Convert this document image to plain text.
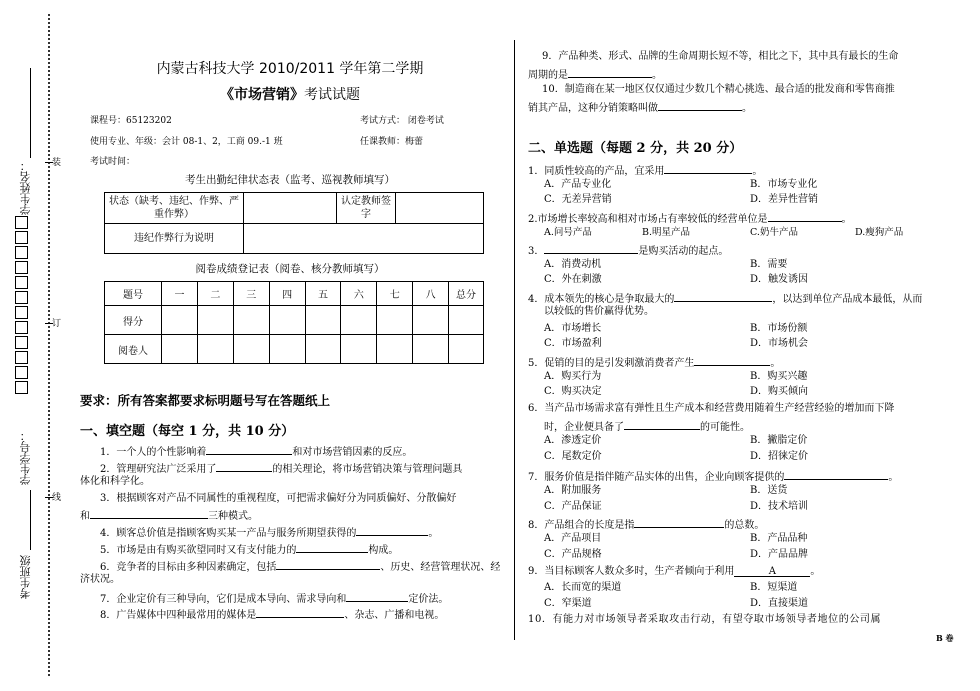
考生班级
学生学号：
学生姓名： 装
订
线
内蒙古科技大学 2010/2011 学年第二学期
《市场营销》考试试题
课程号：65123202	考试方式： 闭卷考试
使用专业、年级：会计 08-1、2，工商 09.-1 班	任课教师：梅蕾
考试时间：
考生出勤纪律状态表（监考、巡视教师填写）
状态（缺考、违纪、作弊、严重作弊）		认定教师签字	
违纪作弊行为说明			
阅卷成绩登记表（阅卷、核分教师填写）
题号	一	二	三	四	五	六	七	八	总分
得分									
阅卷人									
要求：所有答案都要求标明题号写在答题纸上
一、填空题（每空 1 分，共 10 分）
1．一个人的个性影响着	和对市场营销因素的反应。
2．管理研究法广泛采用了	的相关理论，将市场营销决策与管理问题具
体化和科学化。
3．根据顾客对产品不同属性的重视程度，可把需求偏好分为同质偏好、分散偏好
和	三种模式。
4．顾客总价值是指顾客购买某一产品与服务所期望获得的	。
5．市场是由有购买欲望同时又有支付能力的	构成。
6．竞争者的目标由多种因素确定，包括	、历史、经营管理状况、经
济状况。
7．企业定价有三种导向，它们是成本导向、需求导向和	定价法。
8．广告媒体中四种最常用的媒体是	、杂志、广播和电视。
9．产品种类、形式、品牌的生命周期长短不等，相比之下，其中具有最长的生命
周期的是	。
10．制造商在某一地区仅仅通过少数几个精心挑选、最合适的批发商和零售商推
销其产品，这种分销策略叫做	。
二、单选题（每题 2 分，共 20 分）
1．同质性较高的产品，宜采用	。
A．产品专业化	B．市场专业化
C．无差异营销	D．差异性营销
2.市场增长率较高和相对市场占有率较低的经营单位是	。
A.问号产品	B.明星产品	C.奶牛产品	D.瘦狗产品
3．	是购买活动的起点。
A．消费动机	B．需要
C．外在刺激	D．触发诱因
4．成本领先的核心是争取最大的	，以达到单位产品成本最低，从而
以较低的售价赢得优势。
A．市场增长	B．市场份额
C．市场盈利	D．市场机会
5．促销的目的是引发刺激消费者产生	。
A．购买行为	B．购买兴趣
C．购买决定	D．购买倾向
6．当产品市场需求富有弹性且生产成本和经营费用随着生产经营经验的增加而下降
时，企业便具备了	的可能性。
A．渗透定价	B．撇脂定价
C．尾数定价	D．招徕定价
7．服务价值是指伴随产品实体的出售，企业向顾客提供的	。
A．附加服务	B．送货
C．产品保证	D．技术培训
8．产品组合的长度是指	的总数。
A．产品项目	B．产品品种
C．产品规格	D．产品品牌
9．当目标顾客人数众多时，生产者倾向于利用	A	。
A．长而宽的渠道	B．短渠道
C．窄渠道	D．直接渠道
10．有能力对市场领导者采取攻击行动，有望夺取市场领导者地位的公司属
B 卷
